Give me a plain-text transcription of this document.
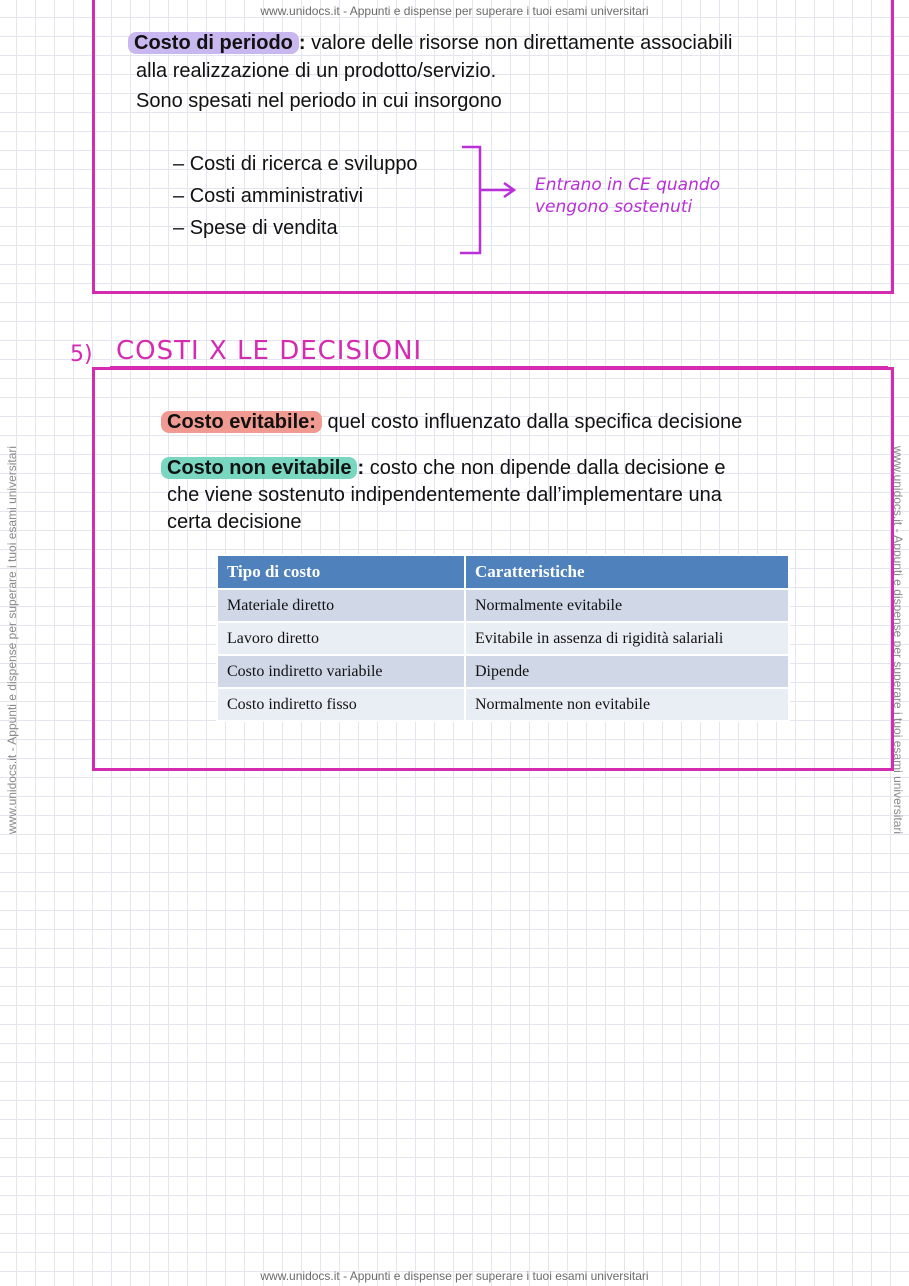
www.unidocs.it - Appunti e dispense per superare i tuoi esami universitari
www.unidocs.it - Appunti e dispense per superare i tuoi esami universitari
www.unidocs.it - Appunti e dispense per superare i tuoi esami universitari	www.unidocs.it - Appunti e dispense per superare i tuoi esami universitari
Costo di periodo : valore delle risorse non direttamente associabili
alla realizzazione di un prodotto/servizio.
Sono spesati nel periodo in cui insorgono
– Costi di ricerca e sviluppo
– Costi amministrativi
– Spese di vendita
Entrano in CE quando
vengono sostenuti
5) COSTI X LE DECISIONI
Costo evitabile: quel costo influenzato dalla specifica decisione
Costo non evitabile : costo che non dipende dalla decisione e
che viene sostenuto indipendentemente dall’implementare una
certa decisione
Tipo di costo	Caratteristiche
Materiale diretto	Normalmente evitabile
Lavoro diretto	Evitabile in assenza di rigidità salariali
Costo indiretto variabile	Dipende
Costo indiretto fisso	Normalmente non evitabile
